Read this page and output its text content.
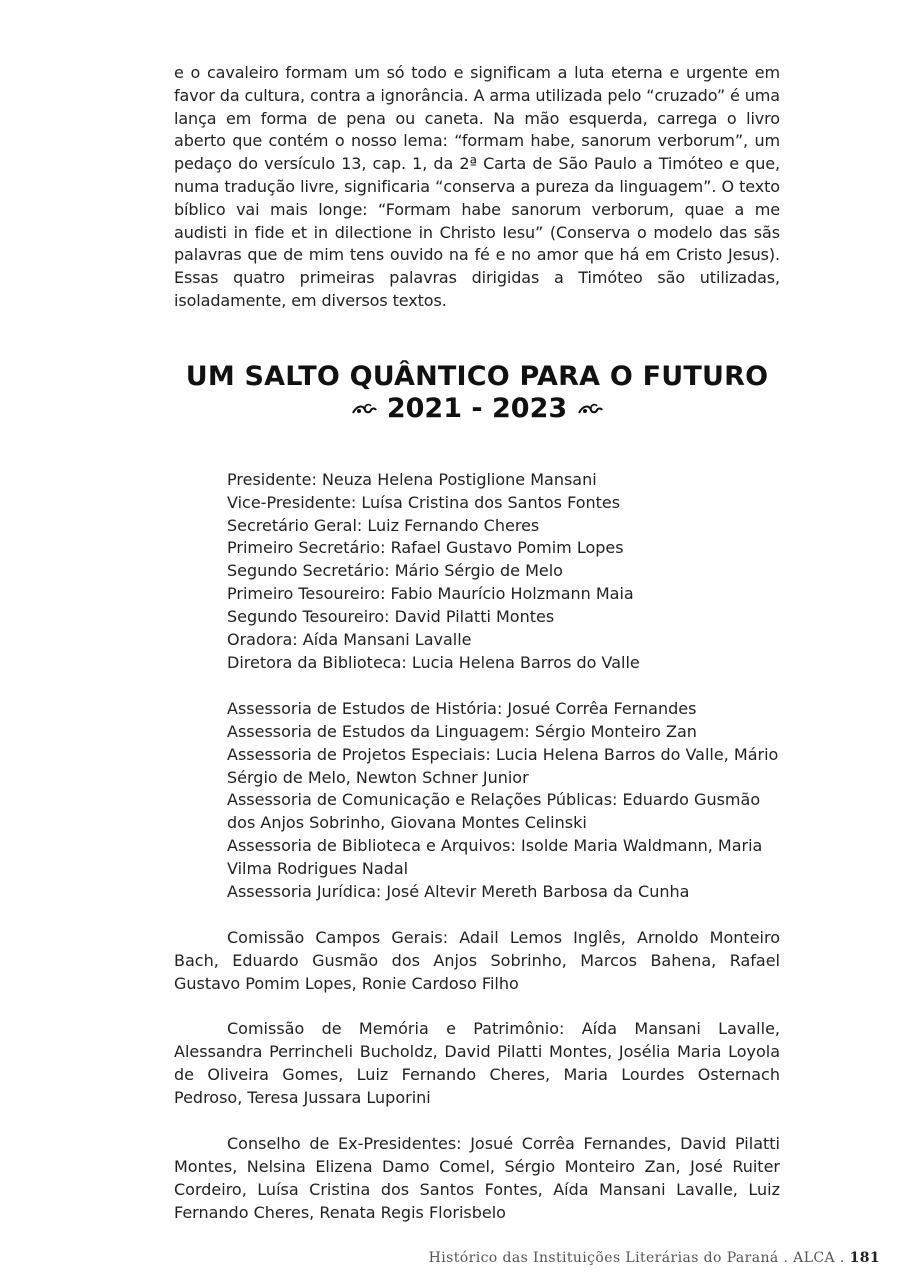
e o cavaleiro formam um só todo e significam a luta eterna e urgente em favor da cultura, contra a ignorância. A arma utilizada pelo “cruzado” é uma lança em forma de pena ou caneta. Na mão esquerda, carrega o livro aberto que contém o nosso lema: “formam habe, sanorum verborum”, um pedaço do versículo 13, cap. 1, da 2ª Carta de São Paulo a Timóteo e que, numa tradução livre, significaria “conserva a pureza da linguagem”. O texto bíblico vai mais longe: “Formam habe sanorum verborum, quae a me audisti in fide et in dilectione in Christo Iesu” (Conserva o modelo das sãs palavras que de mim tens ouvido na fé e no amor que há em Cristo Jesus). Essas quatro primeiras palavras dirigidas a Timóteo são utilizadas, isoladamente, em diversos textos.

UM SALTO QUÂNTICO PARA O FUTURO
2021 - 2023
Presidente: Neuza Helena Postiglione Mansani
Vice-Presidente: Luísa Cristina dos Santos Fontes
Secretário Geral: Luiz Fernando Cheres
Primeiro Secretário: Rafael Gustavo Pomim Lopes
Segundo Secretário: Mário Sérgio de Melo
Primeiro Tesoureiro: Fabio Maurício Holzmann Maia
Segundo Tesoureiro: David Pilatti Montes
Oradora: Aída Mansani Lavalle
Diretora da Biblioteca: Lucia Helena Barros do Valle
Assessoria de Estudos de História: Josué Corrêa Fernandes
Assessoria de Estudos da Linguagem: Sérgio Monteiro Zan
Assessoria de Projetos Especiais: Lucia Helena Barros do Valle, Mário
Sérgio de Melo, Newton Schner Junior
Assessoria de Comunicação e Relações Públicas: Eduardo Gusmão
dos Anjos Sobrinho, Giovana Montes Celinski
Assessoria de Biblioteca e Arquivos: Isolde Maria Waldmann, Maria
Vilma Rodrigues Nadal
Assessoria Jurídica: José Altevir Mereth Barbosa da Cunha

Comissão Campos Gerais: Adail Lemos Inglês, Arnoldo Monteiro Bach, Eduardo Gusmão dos Anjos Sobrinho, Marcos Bahena, Rafael Gustavo Pomim Lopes, Ronie Cardoso Filho

Comissão de Memória e Patrimônio: Aída Mansani Lavalle, Alessandra Perrincheli Bucholdz, David Pilatti Montes, Josélia Maria Loyola de Oliveira Gomes, Luiz Fernando Cheres, Maria Lourdes Osternach Pedroso, Teresa Jussara Luporini

Conselho de Ex-Presidentes: Josué Corrêa Fernandes, David Pilatti Montes, Nelsina Elizena Damo Comel, Sérgio Monteiro Zan, José Ruiter Cordeiro, Luísa Cristina dos Santos Fontes, Aída Mansani Lavalle, Luiz Fernando Cheres, Renata Regis Florisbelo

Histórico das Instituições Literárias do Paraná . ALCA . 181
